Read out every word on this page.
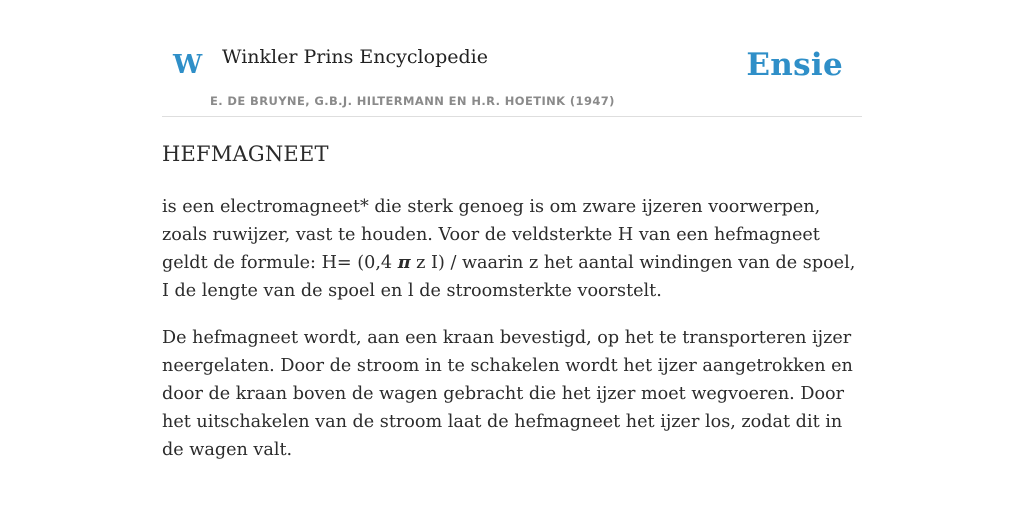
W Winkler Prins Encyclopedie
E. DE BRUYNE, G.B.J. HILTERMANN EN H.R. HOETINK (1947)
Ensie
HEFMAGNEET

is een electromagneet* die sterk genoeg is om zware ijzeren voorwerpen, zoals ruwijzer, vast te houden. Voor de veldsterkte H van een hefmagneet geldt de formule: H= (0,4 π z I) / waarin z het aantal windingen van de spoel, I de lengte van de spoel en l de stroomsterkte voorstelt.

De hefmagneet wordt, aan een kraan bevestigd, op het te transporteren ijzer neergelaten. Door de stroom in te schakelen wordt het ijzer aangetrokken en door de kraan boven de wagen gebracht die het ijzer moet wegvoeren. Door het uitschakelen van de stroom laat de hefmagneet het ijzer los, zodat dit in de wagen valt.
